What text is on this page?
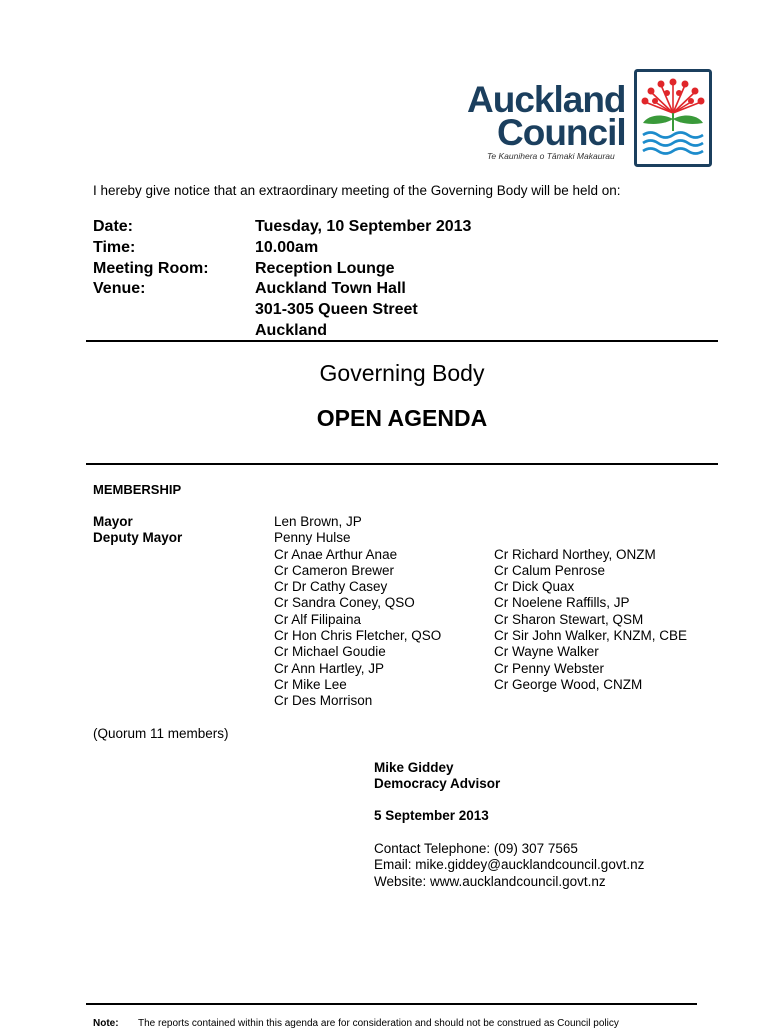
Auckland
Council
Te Kaunihera o Tāmaki Makaurau
I hereby give notice that an extraordinary meeting of the Governing Body will be held on:
Date:
Time:
Meeting Room:
Venue:
Tuesday, 10 September 2013
10.00am
Reception Lounge
Auckland Town Hall
301-305 Queen Street
Auckland
Governing Body
OPEN AGENDA
MEMBERSHIP
Mayor
Deputy Mayor
Len Brown, JP
Penny Hulse
Cr Anae Arthur Anae
Cr Cameron Brewer
Cr Dr Cathy Casey
Cr Sandra Coney, QSO
Cr Alf Filipaina
Cr Hon Chris Fletcher, QSO
Cr Michael Goudie
Cr Ann Hartley, JP
Cr Mike Lee
Cr Des Morrison
Cr Richard Northey, ONZM
Cr Calum Penrose
Cr Dick Quax
Cr Noelene Raffills, JP
Cr Sharon Stewart, QSM
Cr Sir John Walker, KNZM, CBE
Cr Wayne Walker
Cr Penny Webster
Cr George Wood, CNZM
(Quorum 11 members)
Mike Giddey
Democracy Advisor
5 September 2013
Contact Telephone: (09) 307 7565
Email: mike.giddey@aucklandcouncil.govt.nz
Website: www.aucklandcouncil.govt.nz
Note: The reports contained within this agenda are for consideration and should not be construed as Council policy
